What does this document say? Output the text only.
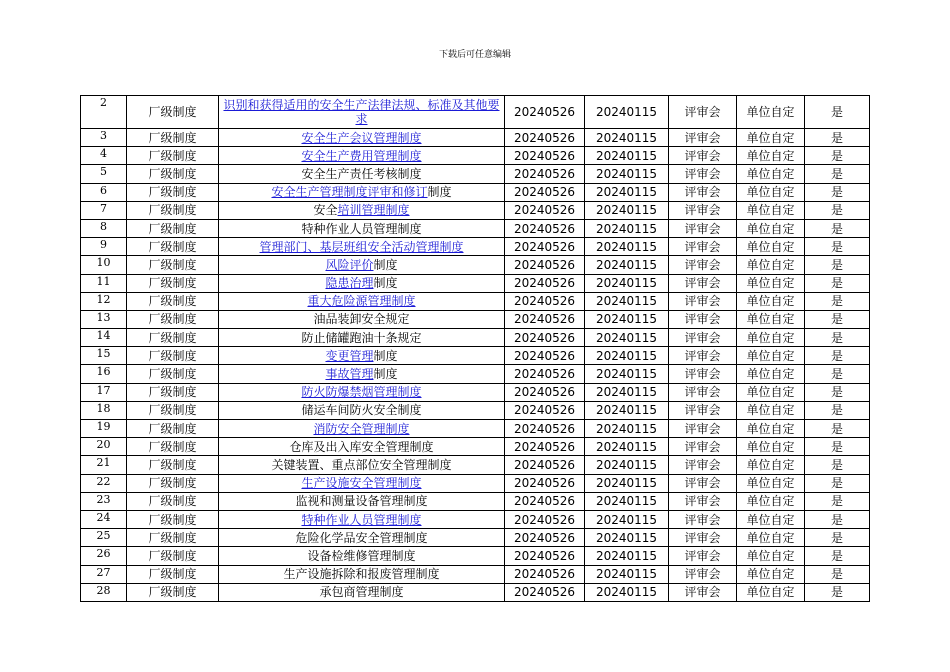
下载后可任意编辑
2	厂级制度	识别和获得适用的安全生产法律法规、标准及其他要求	20240526	20240115	评审会	单位自定	是
3	厂级制度	安全生产会议管理制度	20240526	20240115	评审会	单位自定	是
4	厂级制度	安全生产费用管理制度	20240526	20240115	评审会	单位自定	是
5	厂级制度	安全生产责任考核制度	20240526	20240115	评审会	单位自定	是
6	厂级制度	安全生产管理制度评审和修订制度	20240526	20240115	评审会	单位自定	是
7	厂级制度	安全培训管理制度	20240526	20240115	评审会	单位自定	是
8	厂级制度	特种作业人员管理制度	20240526	20240115	评审会	单位自定	是
9	厂级制度	管理部门、基层班组安全活动管理制度	20240526	20240115	评审会	单位自定	是
10	厂级制度	风险评价制度	20240526	20240115	评审会	单位自定	是
11	厂级制度	隐患治理制度	20240526	20240115	评审会	单位自定	是
12	厂级制度	重大危险源管理制度	20240526	20240115	评审会	单位自定	是
13	厂级制度	油品装卸安全规定	20240526	20240115	评审会	单位自定	是
14	厂级制度	防止储罐跑油十条规定	20240526	20240115	评审会	单位自定	是
15	厂级制度	变更管理制度	20240526	20240115	评审会	单位自定	是
16	厂级制度	事故管理制度	20240526	20240115	评审会	单位自定	是
17	厂级制度	防火防爆禁烟管理制度	20240526	20240115	评审会	单位自定	是
18	厂级制度	储运车间防火安全制度	20240526	20240115	评审会	单位自定	是
19	厂级制度	消防安全管理制度	20240526	20240115	评审会	单位自定	是
20	厂级制度	仓库及出入库安全管理制度	20240526	20240115	评审会	单位自定	是
21	厂级制度	关键装置、重点部位安全管理制度	20240526	20240115	评审会	单位自定	是
22	厂级制度	生产设施安全管理制度	20240526	20240115	评审会	单位自定	是
23	厂级制度	监视和测量设备管理制度	20240526	20240115	评审会	单位自定	是
24	厂级制度	特种作业人员管理制度	20240526	20240115	评审会	单位自定	是
25	厂级制度	危险化学品安全管理制度	20240526	20240115	评审会	单位自定	是
26	厂级制度	设备检维修管理制度	20240526	20240115	评审会	单位自定	是
27	厂级制度	生产设施拆除和报废管理制度	20240526	20240115	评审会	单位自定	是
28	厂级制度	承包商管理制度	20240526	20240115	评审会	单位自定	是
